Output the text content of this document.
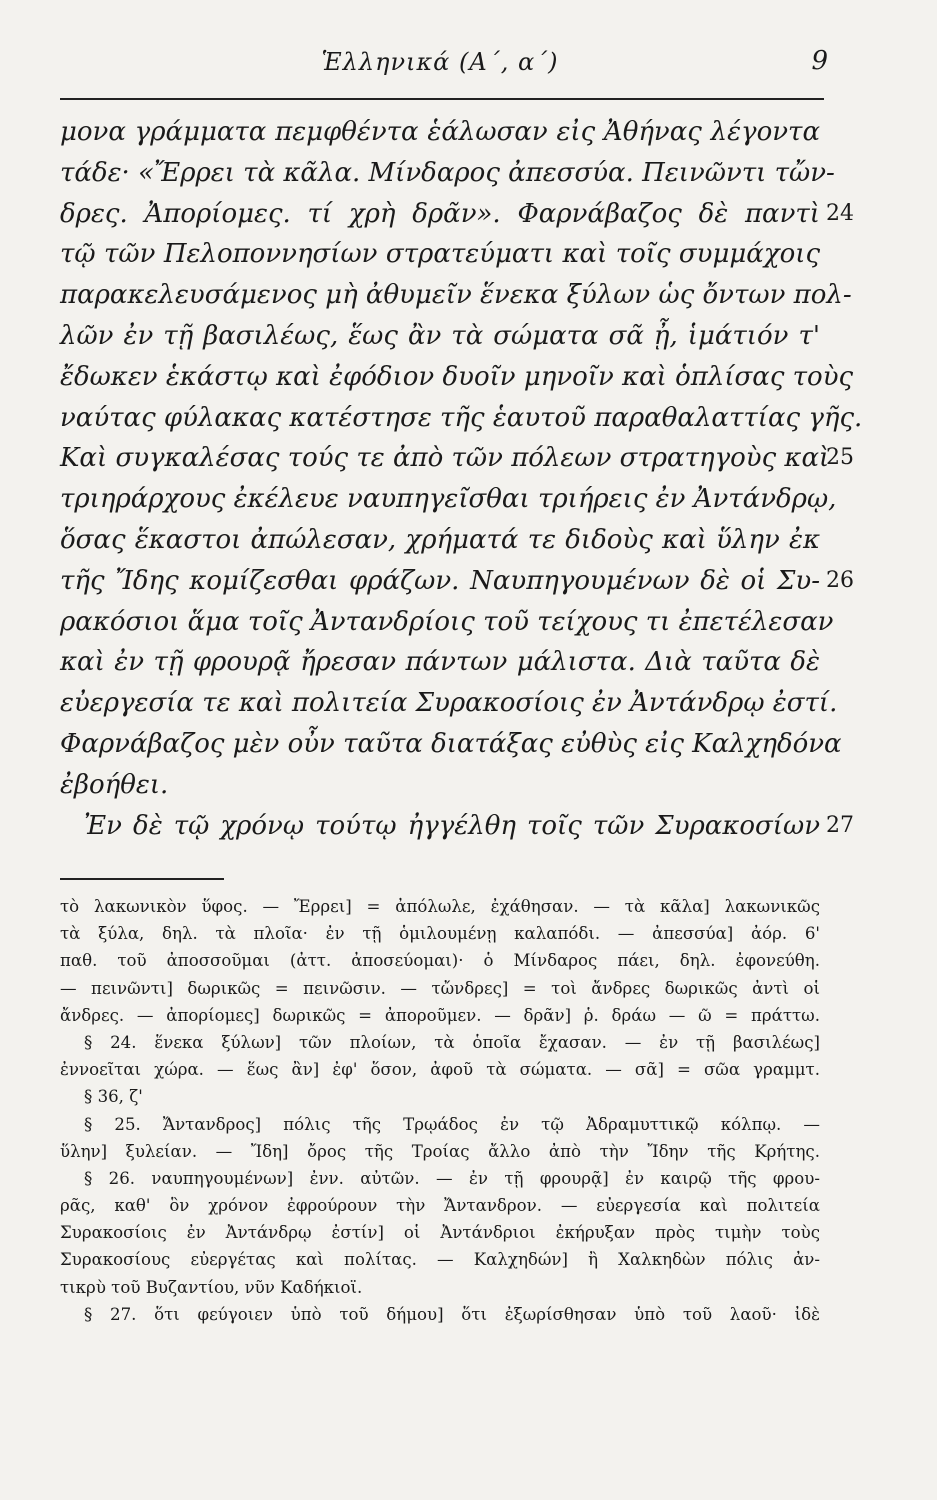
Ἑλληνικά (Α΄, α΄)	9
μονα γράμματα πεμφθέντα ἑάλωσαν εἰς Ἀθήνας λέγοντα
τάδε· «Ἔρρει τὰ κᾶλα. Μίνδαρος ἀπεσσύα. Πεινῶντι τὤν-
δρες. Ἀπορίομες. τί χρὴ δρᾶν». Φαρνάβαζος δὲ παντὶ 24
τῷ τῶν Πελοποννησίων στρατεύματι καὶ τοῖς συμμάχοις
παρακελευσάμενος μὴ ἀθυμεῖν ἕνεκα ξύλων ὡς ὄντων πολ-
λῶν ἐν τῇ βασιλέως, ἕως ἂν τὰ σώματα σᾶ ᾖ, ἱμάτιόν τ'
ἔδωκεν ἑκάστῳ καὶ ἐφόδιον δυοῖν μηνοῖν καὶ ὁπλίσας τοὺς
ναύτας φύλακας κατέστησε τῆς ἑαυτοῦ παραθαλαττίας γῆς.
Καὶ συγκαλέσας τούς τε ἀπὸ τῶν πόλεων στρατηγοὺς καὶ
25
τριηράρχους ἐκέλευε ναυπηγεῖσθαι τριήρεις ἐν Ἀντάνδρῳ,
ὅσας ἕκαστοι ἀπώλεσαν, χρήματά τε διδοὺς καὶ ὕλην ἐκ
τῆς Ἴδης κομίζεσθαι φράζων. Ναυπηγουμένων δὲ οἱ Συ- 26
ρακόσιοι ἅμα τοῖς Ἀντανδρίοις τοῦ τείχους τι ἐπετέλεσαν
καὶ ἐν τῇ φρουρᾷ ἤρεσαν πάντων μάλιστα. Διὰ ταῦτα δὲ
εὐεργεσία τε καὶ πολιτεία Συρακοσίοις ἐν Ἀντάνδρῳ ἐστί.
Φαρνάβαζος μὲν οὖν ταῦτα διατάξας εὐθὺς εἰς Καλχηδόνα
ἐβοήθει.
Ἐν δὲ τῷ χρόνῳ τούτῳ ἠγγέλθη τοῖς τῶν Συρακοσίων 27
τὸ λακωνικὸν ὕφος. — Ἔρρει] = ἀπόλωλε, ἐχάθησαν. — τὰ κᾶλα] λακωνικῶς
τὰ ξύλα, δηλ. τὰ πλοῖα· ἐν τῇ ὁμιλουμένῃ καλαπόδι. — ἀπεσσύα] ἀόρ. 6'
παθ. τοῦ ἀποσσοῦμαι (ἀττ. ἀποσεύομαι)· ὁ Μίνδαρος πάει, δηλ. ἐφονεύθη.
— πεινῶντι] δωρικῶς = πεινῶσιν. — τὤνδρες] = τοὶ ἄνδρες δωρικῶς ἀντὶ οἱ
ἄνδρες. — ἀπορίομες] δωρικῶς = ἀποροῦμεν. — δρᾶν] ῥ. δράω — ῶ = πράττω.
§ 24. ἕνεκα ξύλων] τῶν πλοίων, τὰ ὁποῖα ἔχασαν. — ἐν τῇ βασιλέως]
ἐννοεῖται χώρα. — ἕως ἂν] ἐφ' ὅσον, ἀφοῦ τὰ σώματα. — σᾶ] = σῶα γραμμτ.
§ 36, ζ'
§ 25. Ἄντανδρος] πόλις τῆς Τρῳάδος ἐν τῷ Ἀδραμυττικῷ κόλπῳ. —
ὕλην] ξυλείαν. — Ἴδη] ὄρος τῆς Τροίας ἄλλο ἀπὸ τὴν Ἴδην τῆς Κρήτης.
§ 26. ναυπηγουμένων] ἐνν. αὐτῶν. — ἐν τῇ φρουρᾷ] ἐν καιρῷ τῆς φρου-
ρᾶς, καθ' ὃν χρόνον ἐφρούρουν τὴν Ἄντανδρον. — εὐεργεσία καὶ πολιτεία
Συρακοσίοις ἐν Ἀντάνδρῳ ἐστίν] οἱ Ἀντάνδριοι ἐκήρυξαν πρὸς τιμὴν τοὺς
Συρακοσίους εὐεργέτας καὶ πολίτας. — Καλχηδών] ἢ Χαλκηδὼν πόλις ἀν-
τικρὺ τοῦ Βυζαντίου, νῦν Καδήκιοϊ.
§ 27. ὅτι φεύγοιεν ὑπὸ τοῦ δήμου] ὅτι ἐξωρίσθησαν ὑπὸ τοῦ λαοῦ· ἰδὲ
